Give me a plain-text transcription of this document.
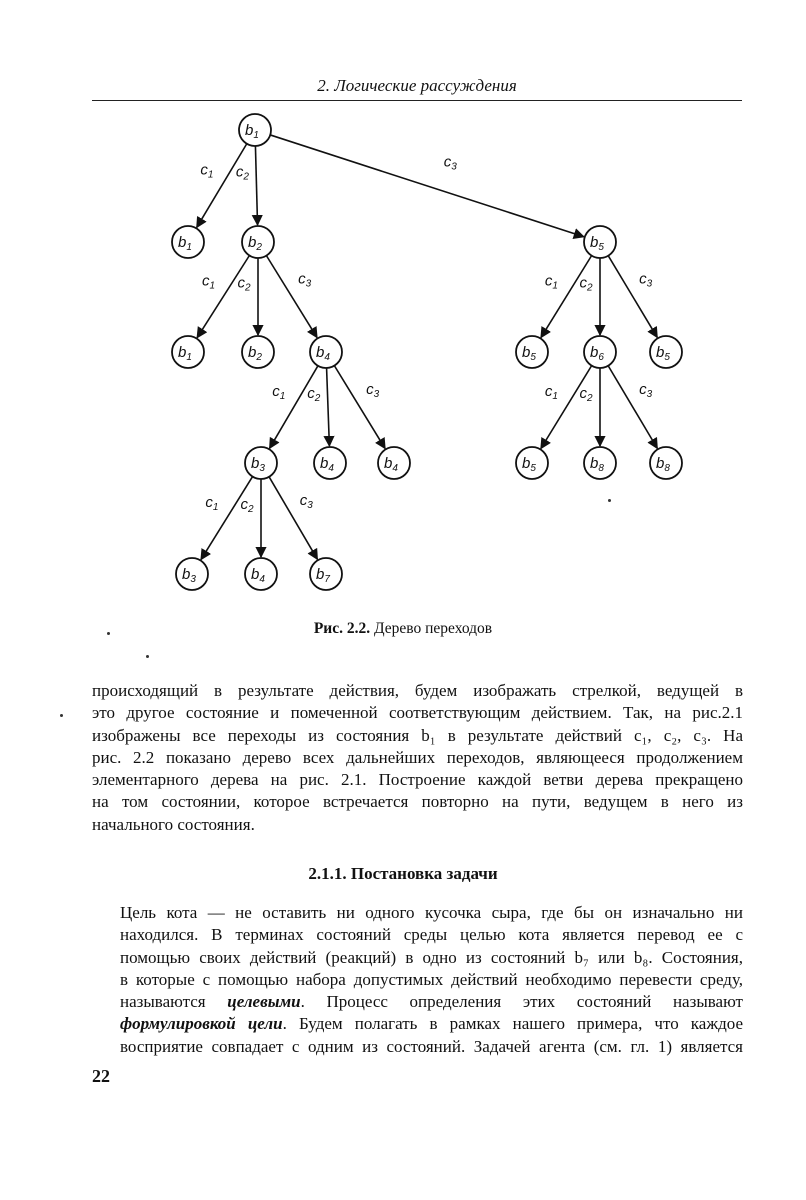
2. Логические рассуждения
$c_1$ $c_2$
$c_3$
$c_1$ $c_2$
$c_3$	$c_1$ $c_2$
$c_3$
$c_1$ $c_2$
$c_3$	$c_1$ $c_2$
$c_3$
$c_1$ $c_2$
$c_3$
$b_1$
$b_1$	$b_2$	$b_5$
$b_1$	$b_2$	$b_4$	$b_5$	$b_6$	$b_5$
$b_3$	$b_4$	$b_4$	$b_5$	$b_8$	$b_8$
$b_3$	$b_4$	$b_7$
Рис. 2.2. Дерево переходов
происходящий в результате действия, будем изображать стрелкой, ведущей в
это другое состояние и помеченной соответствующим действием. Так, на рис.2.1
изображены все переходы из состояния b₁ в результате действий c₁, c₂, c₃. На
рис. 2.2 показано дерево всех дальнейших переходов, являющееся продолжением
элементарного дерева на рис. 2.1. Построение каждой ветви дерева прекращено
на том состоянии, которое встречается повторно на пути, ведущем в него из
начального состояния.
2.1.1. Постановка задачи
Цель кота — не оставить ни одного кусочка сыра, где бы он изначально ни
находился. В терминах состояний среды целью кота является перевод ее с
помощью своих действий (реакций) в одно из состояний b₇ или b₈. Состояния,
в которые с помощью набора допустимых действий необходимо перевести среду,
называются целевыми. Процесс определения этих состояний называют
формулировкой цели. Будем полагать в рамках нашего примера, что каждое
восприятие совпадает с одним из состояний. Задачей агента (см. гл. 1) является
22
